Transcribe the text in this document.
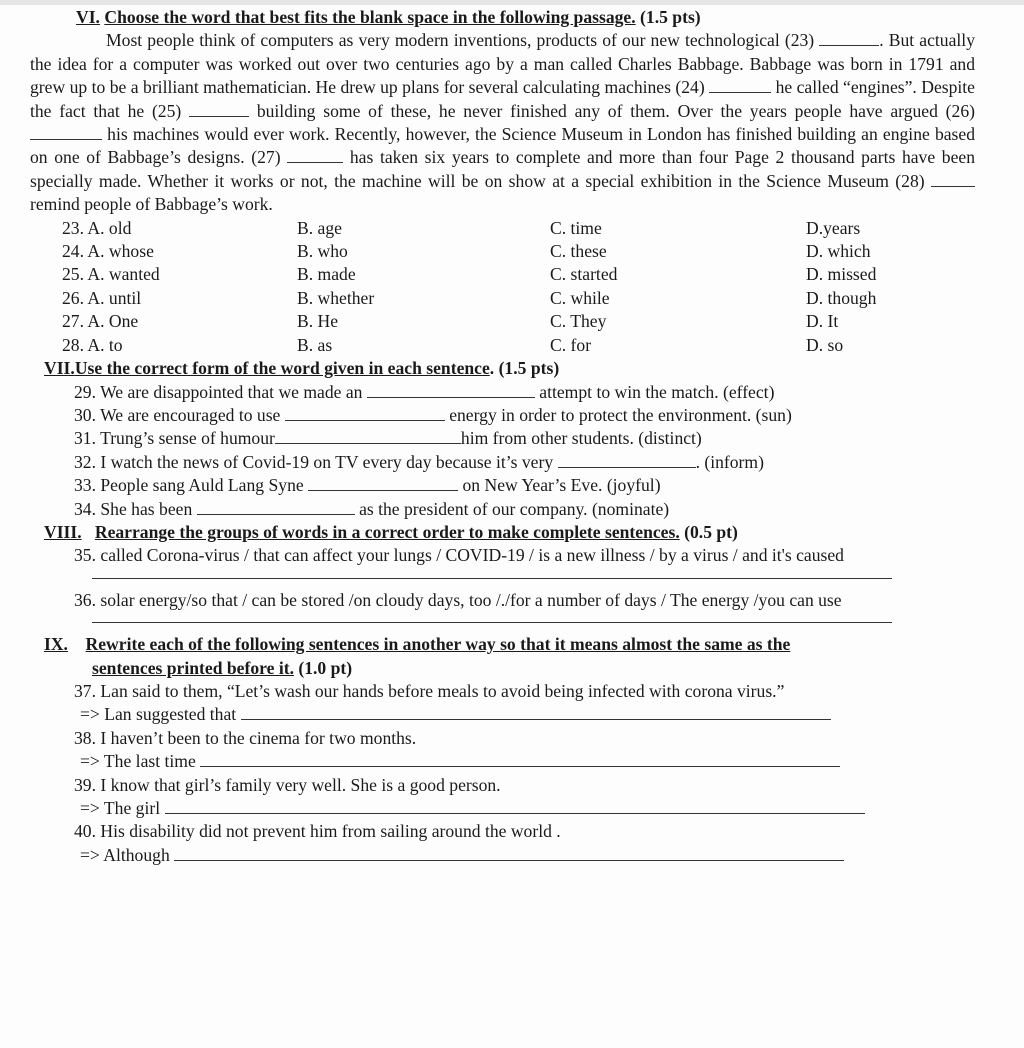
VI. Choose the word that best fits the blank space in the following passage. (1.5 pts)

Most people think of computers as very modern inventions, products of our new technological (23)	. But actually the idea for a computer was worked out over two centuries ago by a man called Charles Babbage. Babbage was born in 1791 and grew up to be a brilliant mathematician. He drew up plans for several calculating machines (24)	he called “engines”. Despite the fact that he (25)	building some of these, he never finished any of them. Over the years people have argued (26)  his machines would ever work. Recently, however, the Science Museum in London has finished building an engine based on one of Babbage’s designs. (27)	has taken six years to complete and more than four Page 2 thousand parts have been specially made. Whether it works or not, the machine will be on show at a special exhibition in the Science Museum (28)  remind people of Babbage’s work.

23. A. old	B. age	C. time	D.years
24. A. whose	B. who	C. these	D. which
25. A. wanted	B. made	C. started	D. missed
26. A. until	B. whether	C. while	D. though
27. A. One	B. He	C. They	D. It
28. A. to	B. as	C. for	D. so
VII.Use the correct form of the word given in each sentence. (1.5 pts)
29. We are disappointed that we made an	attempt to win the match. (effect)
30. We are encouraged to use	energy in order to protect the environment. (sun)
31. Trung’s sense of humour	him from other students. (distinct)
32. I watch the news of Covid-19 on TV every day because it’s very	. (inform)
33. People sang Auld Lang Syne	on New Year’s Eve. (joyful)
34. She has been	as the president of our company. (nominate)
VIII. Rearrange the groups of words in a correct order to make complete sentences. (0.5 pt)
35. called Corona-virus / that can affect your lungs / COVID-19 / is a new illness / by a virus / and it's caused
36. solar energy/so that / can be stored /on cloudy days, too /./for a number of days / The energy /you can use
IX. Rewrite each of the following sentences in another way so that it means almost the same as the
sentences printed before it. (1.0 pt)
37. Lan said to them, “Let’s wash our hands before meals to avoid being infected with corona virus.”
=> Lan suggested that
38. I haven’t been to the cinema for two months.
=> The last time
39. I know that girl’s family very well. She is a good person.
=> The girl
40. His disability did not prevent him from sailing around the world .
=> Although
